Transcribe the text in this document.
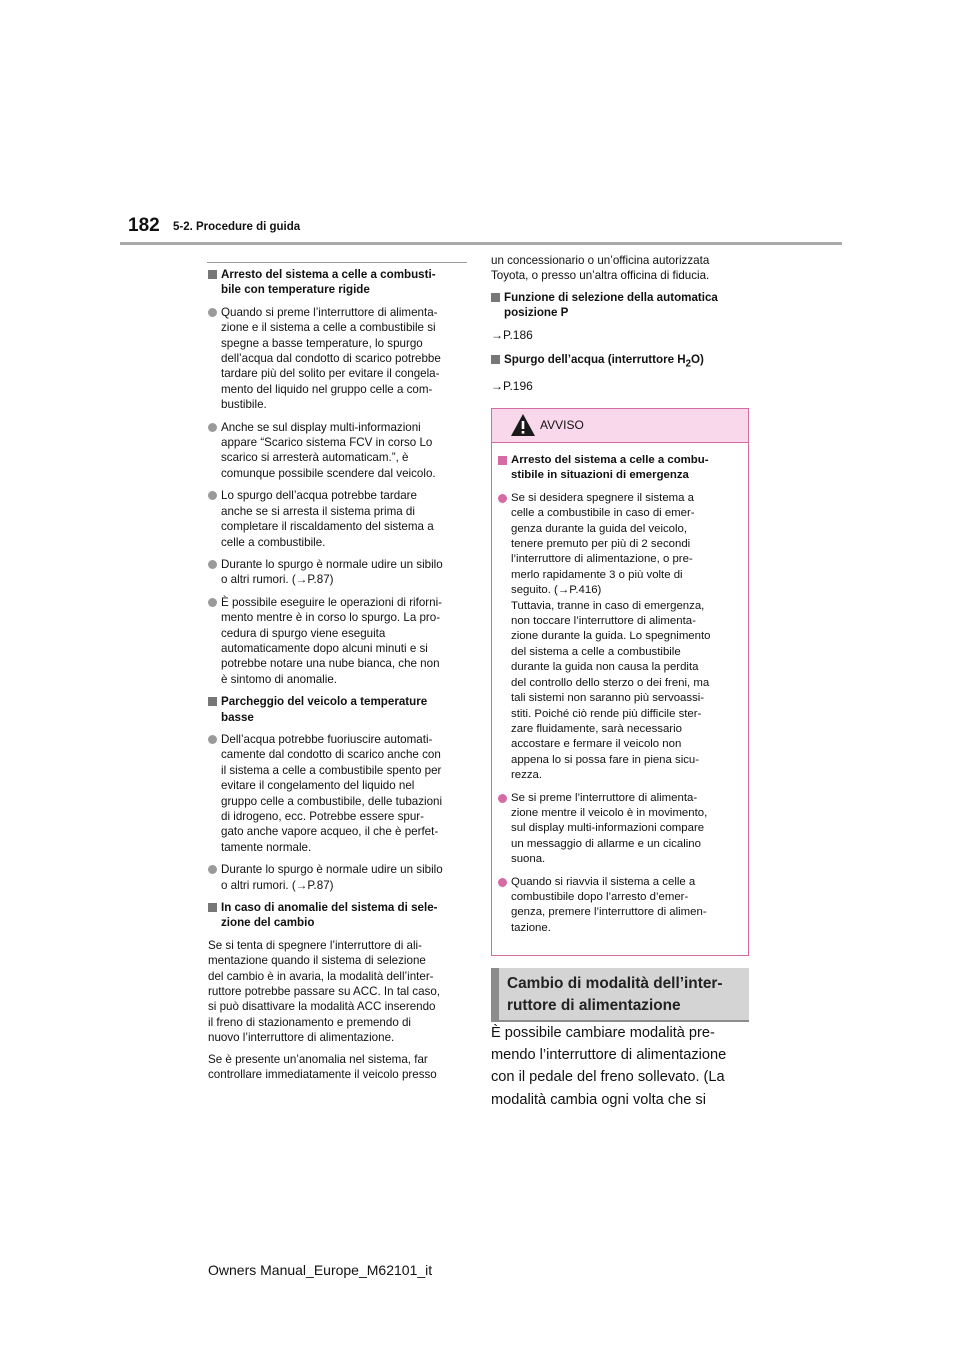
182 5-2. Procedure di guida
Arresto del sistema a celle a combusti-
bile con temperature rigide
Quando si preme l’interruttore di alimenta-
zione e il sistema a celle a combustibile si
spegne a basse temperature, lo spurgo
dell’acqua dal condotto di scarico potrebbe
tardare più del solito per evitare il congela-
mento del liquido nel gruppo celle a com-
bustibile.
Anche se sul display multi-informazioni
appare “Scarico sistema FCV in corso Lo
scarico si arresterà automaticam.”, è
comunque possibile scendere dal veicolo.
Lo spurgo dell’acqua potrebbe tardare
anche se si arresta il sistema prima di
completare il riscaldamento del sistema a
celle a combustibile.
Durante lo spurgo è normale udire un sibilo
o altri rumori. (→P.87)
È possibile eseguire le operazioni di riforni-
mento mentre è in corso lo spurgo. La pro-
cedura di spurgo viene eseguita
automaticamente dopo alcuni minuti e si
potrebbe notare una nube bianca, che non
è sintomo di anomalie.
Parcheggio del veicolo a temperature
basse
Dell’acqua potrebbe fuoriuscire automati-
camente dal condotto di scarico anche con
il sistema a celle a combustibile spento per
evitare il congelamento del liquido nel
gruppo celle a combustibile, delle tubazioni
di idrogeno, ecc. Potrebbe essere spur-
gato anche vapore acqueo, il che è perfet-
tamente normale.
Durante lo spurgo è normale udire un sibilo
o altri rumori. (→P.87)
In caso di anomalie del sistema di sele-
zione del cambio
Se si tenta di spegnere l’interruttore di ali-
mentazione quando il sistema di selezione
del cambio è in avaria, la modalità dell’inter-
ruttore potrebbe passare su ACC. In tal caso,
si può disattivare la modalità ACC inserendo
il freno di stazionamento e premendo di
nuovo l’interruttore di alimentazione.
Se è presente un’anomalia nel sistema, far
controllare immediatamente il veicolo presso
un concessionario o un’officina autorizzata
Toyota, o presso un’altra officina di fiducia.
Funzione di selezione della automatica
posizione P
→P.186
Spurgo dell’acqua (interruttore $H_2O$)
→P.196
AVVISO
Arresto del sistema a celle a combu-
stibile in situazioni di emergenza
Se si desidera spegnere il sistema a
celle a combustibile in caso di emer-
genza durante la guida del veicolo,
tenere premuto per più di 2 secondi
l’interruttore di alimentazione, o pre-
merlo rapidamente 3 o più volte di
seguito. (→P.416)
Tuttavia, tranne in caso di emergenza,
non toccare l’interruttore di alimenta-
zione durante la guida. Lo spegnimento
del sistema a celle a combustibile
durante la guida non causa la perdita
del controllo dello sterzo o dei freni, ma
tali sistemi non saranno più servoassi-
stiti. Poiché ciò rende più difficile ster-
zare fluidamente, sarà necessario
accostare e fermare il veicolo non
appena lo si possa fare in piena sicu-
rezza.
Se si preme l’interruttore di alimenta-
zione mentre il veicolo è in movimento,
sul display multi-informazioni compare
un messaggio di allarme e un cicalino
suona.
Quando si riavvia il sistema a celle a
combustibile dopo l’arresto d’emer-
genza, premere l’interruttore di alimen-
tazione.
Cambio di modalità dell’inter-
ruttore di alimentazione
È possibile cambiare modalità pre-
mendo l’interruttore di alimentazione
con il pedale del freno sollevato. (La
modalità cambia ogni volta che si
Owners Manual_Europe_M62101_it
